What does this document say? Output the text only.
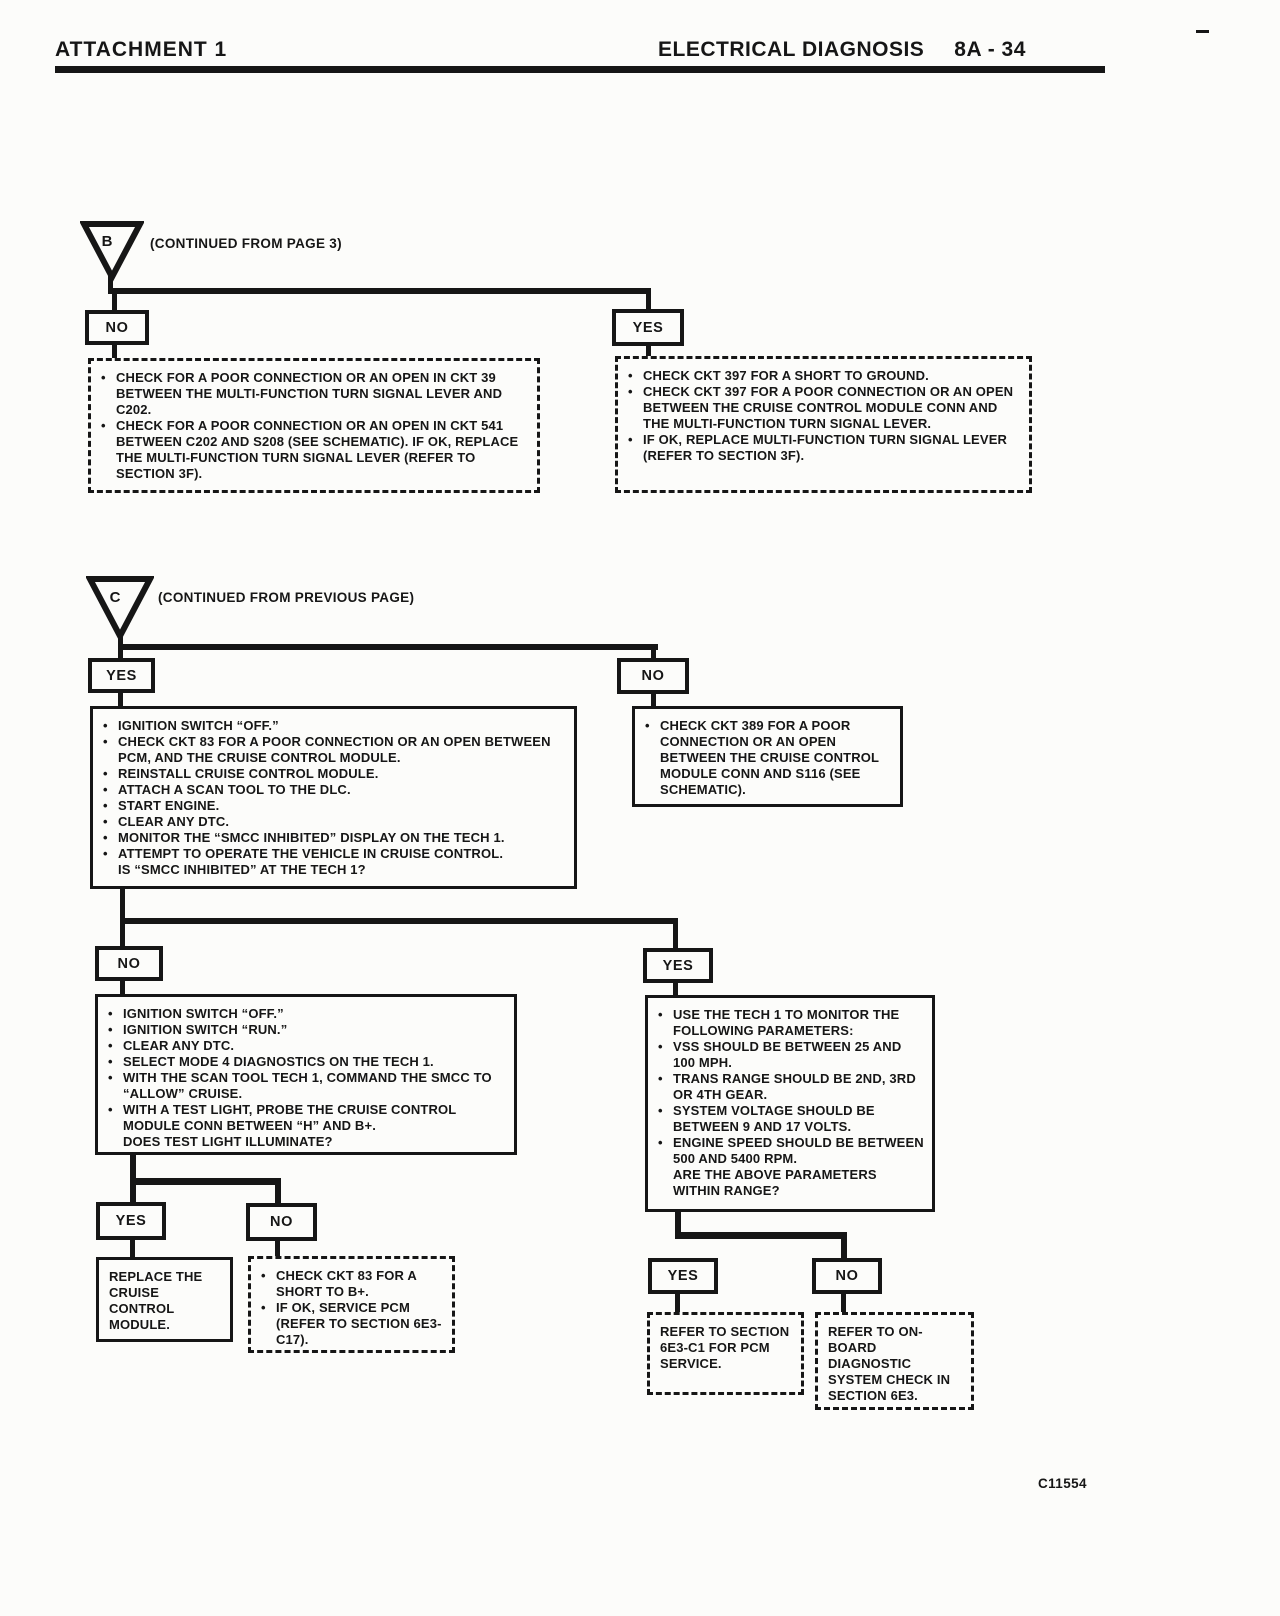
ATTACHMENT 1	ELECTRICAL DIAGNOSIS 8A - 34
B	(CONTINUED FROM PAGE 3)
NO	YES
• CHECK FOR A POOR CONNECTION OR AN OPEN IN CKT 39 BETWEEN THE MULTI-FUNCTION TURN SIGNAL LEVER AND C202.
• CHECK FOR A POOR CONNECTION OR AN OPEN IN CKT 541 BETWEEN C202 AND S208 (SEE SCHEMATIC). IF OK, REPLACE THE MULTI-FUNCTION TURN SIGNAL LEVER (REFER TO SECTION 3F).
• CHECK CKT 397 FOR A SHORT TO GROUND.
• CHECK CKT 397 FOR A POOR CONNECTION OR AN OPEN BETWEEN THE CRUISE CONTROL MODULE CONN AND THE MULTI-FUNCTION TURN SIGNAL LEVER.
• IF OK, REPLACE MULTI-FUNCTION TURN SIGNAL LEVER (REFER TO SECTION 3F).
C	(CONTINUED FROM PREVIOUS PAGE)
YES	NO
• IGNITION SWITCH “OFF.”
• CHECK CKT 83 FOR A POOR CONNECTION OR AN OPEN BETWEEN PCM, AND THE CRUISE CONTROL MODULE.
• REINSTALL CRUISE CONTROL MODULE.
• ATTACH A SCAN TOOL TO THE DLC.
• START ENGINE.
• CLEAR ANY DTC.
• MONITOR THE “SMCC INHIBITED” DISPLAY ON THE TECH 1.
• ATTEMPT TO OPERATE THE VEHICLE IN CRUISE CONTROL.
IS “SMCC INHIBITED” AT THE TECH 1?
• CHECK CKT 389 FOR A POOR CONNECTION OR AN OPEN BETWEEN THE CRUISE CONTROL MODULE CONN AND S116 (SEE SCHEMATIC).
NO	YES
• IGNITION SWITCH “OFF.”
• IGNITION SWITCH “RUN.”
• CLEAR ANY DTC.
• SELECT MODE 4 DIAGNOSTICS ON THE TECH 1.
• WITH THE SCAN TOOL TECH 1, COMMAND THE SMCC TO “ALLOW” CRUISE.
• WITH A TEST LIGHT, PROBE THE CRUISE CONTROL MODULE CONN BETWEEN “H” AND B+.
DOES TEST LIGHT ILLUMINATE?
• USE THE TECH 1 TO MONITOR THE FOLLOWING PARAMETERS:
• VSS SHOULD BE BETWEEN 25 AND 100 MPH.
• TRANS RANGE SHOULD BE 2ND, 3RD OR 4TH GEAR.
• SYSTEM VOLTAGE SHOULD BE BETWEEN 9 AND 17 VOLTS.
• ENGINE SPEED SHOULD BE BETWEEN 500 AND 5400 RPM.
ARE THE ABOVE PARAMETERS WITHIN RANGE?
YES	NO
REPLACE THE CRUISE CONTROL MODULE.
• CHECK CKT 83 FOR A SHORT TO B+.
• IF OK, SERVICE PCM (REFER TO SECTION 6E3-C17).
YES	NO
REFER TO SECTION 6E3-C1 FOR PCM SERVICE.
REFER TO ON-BOARD DIAGNOSTIC SYSTEM CHECK IN SECTION 6E3.
C11554
